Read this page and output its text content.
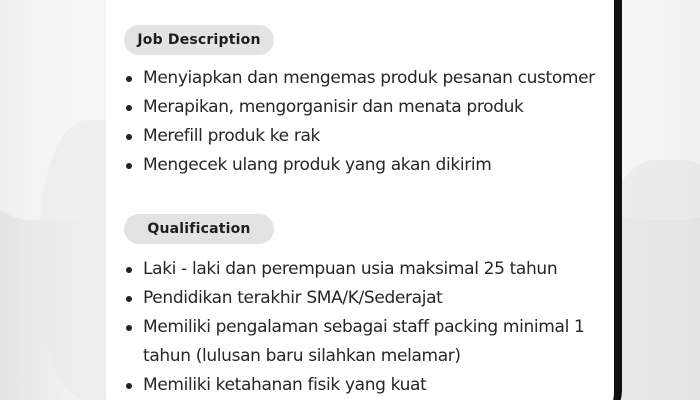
Job Description
Menyiapkan dan mengemas produk pesanan customer
Merapikan, mengorganisir dan menata produk
Merefill produk ke rak
Mengecek ulang produk yang akan dikirim
Qualification
Laki - laki dan perempuan usia maksimal 25 tahun
Pendidikan terakhir SMA/K/Sederajat
Memiliki pengalaman sebagai staff packing minimal 1
tahun (lulusan baru silahkan melamar)
Memiliki ketahanan fisik yang kuat
